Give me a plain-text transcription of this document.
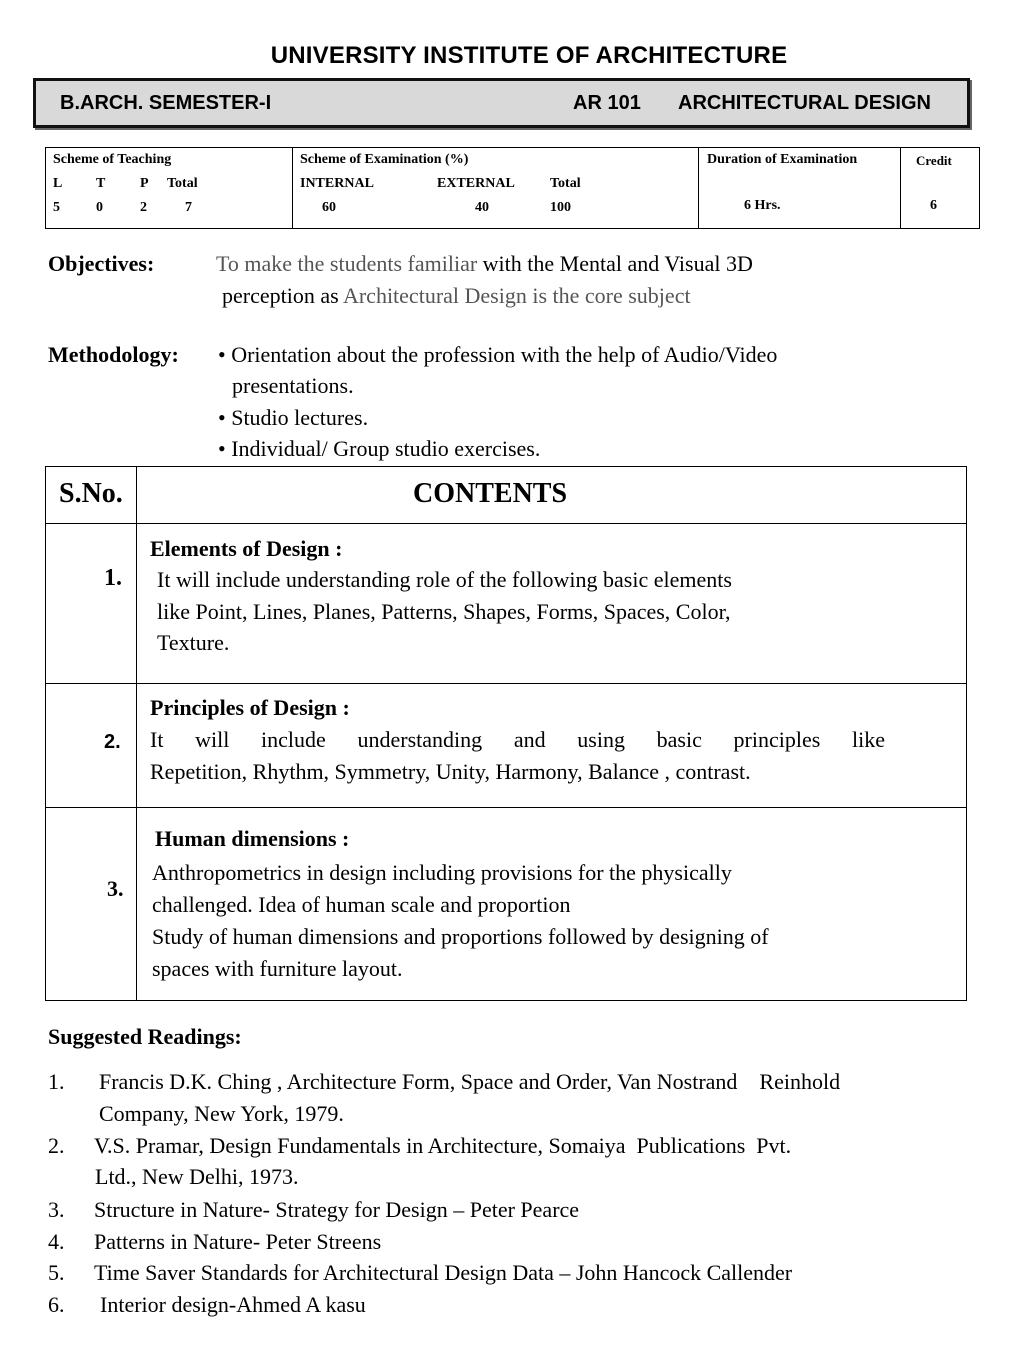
UNIVERSITY INSTITUTE OF ARCHITECTURE
B.ARCH. SEMESTER-I	AR 101 ARCHITECTURAL DESIGN
Scheme of Teaching
L T P Total
5	0	2	7
Scheme of Examination (%)
INTERNAL	EXTERNAL	Total
60	40	100
Duration of Examination
6 Hrs.
Credit
6
Objectives:	To make the students familiar with the Mental and Visual 3D
perception as Architectural Design is the core subject
Methodology: • Orientation about the profession with the help of Audio/Video
presentations.
• Studio lectures.
• Individual/ Group studio exercises.
S.No.	CONTENTS
1.
Elements of Design :
It will include understanding role of the following basic elements
like Point, Lines, Planes, Patterns, Shapes, Forms, Spaces, Color,
Texture.
2.
Principles of Design :
It will include understanding and using basic principles like
Repetition, Rhythm, Symmetry, Unity, Harmony, Balance , contrast.
3.
Human dimensions :
Anthropometrics in design including provisions for the physically
challenged. Idea of human scale and proportion
Study of human dimensions and proportions followed by designing of
spaces with furniture layout.
Suggested Readings:
1. Francis D.K. Ching , Architecture Form, Space and Order, Van Nostrand    Reinhold
Company, New York, 1979.
2. V.S. Pramar, Design Fundamentals in Architecture, Somaiya  Publications  Pvt.
Ltd., New Delhi, 1973.
3. Structure in Nature- Strategy for Design – Peter Pearce
4. Patterns in Nature- Peter Streens
5. Time Saver Standards for Architectural Design Data – John Hancock Callender
6. Interior design-Ahmed A kasu
